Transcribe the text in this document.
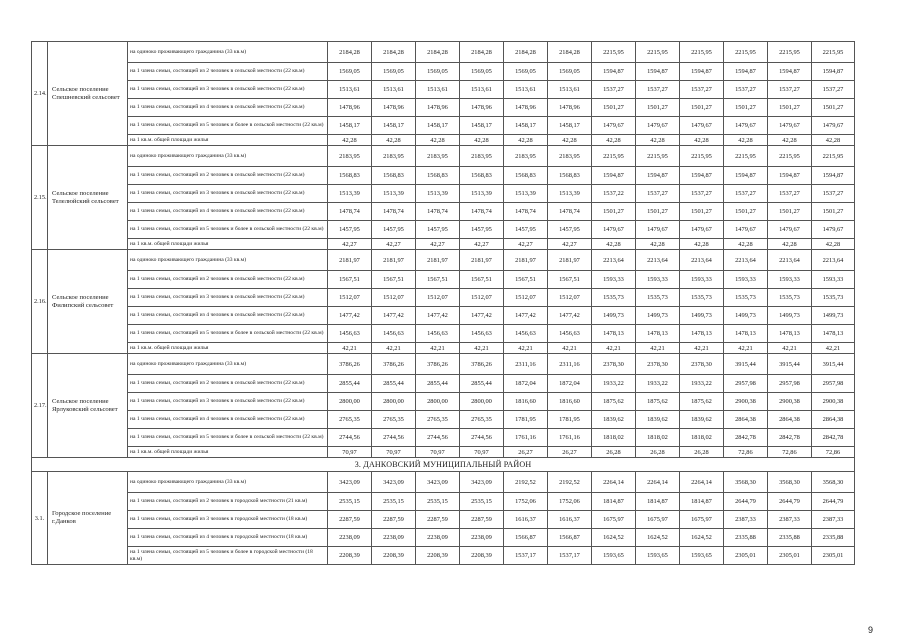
2.14.	Сельское поселение Спешневский сельсовет	на одиноко проживающего гражданина (33 кв.м)	2184,28	2184,28	2184,28	2184,28	2184,28	2184,28	2215,95	2215,95	2215,95	2215,95	2215,95	2215,95
		на 1 члена семьи, состоящей из 2 человек в сельской местности (22 кв.м)	1569,05	1569,05	1569,05	1569,05	1569,05	1569,05	1594,87	1594,87	1594,87	1594,87	1594,87	1594,87
		на 1 члена семьи, состоящей из 3 человек в сельской местности (22 кв.м)	1513,61	1513,61	1513,61	1513,61	1513,61	1513,61	1537,27	1537,27	1537,27	1537,27	1537,27	1537,27
		на 1 члена семьи, состоящей из 4 человек в сельской местности (22 кв.м)	1478,96	1478,96	1478,96	1478,96	1478,96	1478,96	1501,27	1501,27	1501,27	1501,27	1501,27	1501,27
		на 1 члена семьи, состоящей из 5 человек и более в сельской местности (22 кв.м)	1458,17	1458,17	1458,17	1458,17	1458,17	1458,17	1479,67	1479,67	1479,67	1479,67	1479,67	1479,67
		на 1 кв.м. общей площади жилья	42,28	42,28	42,28	42,28	42,28	42,28	42,28	42,28	42,28	42,28	42,28	42,28
2.15.	Сельское поселение Teлeлюйский сельсовет	на одиноко проживающего гражданина (33 кв.м)	2183,95	2183,95	2183,95	2183,95	2183,95	2183,95	2215,95	2215,95	2215,95	2215,95	2215,95	2215,95
		на 1 члена семьи, состоящей из 2 человек в сельской местности (22 кв.м)	1568,83	1568,83	1568,83	1568,83	1568,83	1568,83	1594,87	1594,87	1594,87	1594,87	1594,87	1594,87
		на 1 члена семьи, состоящей из 3 человек в сельской местности (22 кв.м)	1513,39	1513,39	1513,39	1513,39	1513,39	1513,39	1537,22	1537,27	1537,27	1537,27	1537,27	1537,27
		на 1 члена семьи, состоящей из 4 человек в сельской местности (22 кв.м)	1478,74	1478,74	1478,74	1478,74	1478,74	1478,74	1501,27	1501,27	1501,27	1501,27	1501,27	1501,27
		на 1 члена семьи, состоящей из 5 человек и более в сельской местности (22 кв.м)	1457,95	1457,95	1457,95	1457,95	1457,95	1457,95	1479,67	1479,67	1479,67	1479,67	1479,67	1479,67
		на 1 кв.м. общей площади жилья	42,27	42,27	42,27	42,27	42,27	42,27	42,28	42,28	42,28	42,28	42,28	42,28
2.16.	Сельское поселение Филипский сельсовет	на одиноко проживающего гражданина (33 кв.м)	2181,97	2181,97	2181,97	2181,97	2181,97	2181,97	2213,64	2213,64	2213,64	2213,64	2213,64	2213,64
		на 1 члена семьи, состоящей из 2 человек в сельской местности (22 кв.м)	1567,51	1567,51	1567,51	1567,51	1567,51	1567,51	1593,33	1593,33	1593,33	1593,33	1593,33	1593,33
		на 1 члена семьи, состоящей из 3 человек в сельской местности (22 кв.м)	1512,07	1512,07	1512,07	1512,07	1512,07	1512,07	1535,73	1535,73	1535,73	1535,73	1535,73	1535,73
		на 1 члена семьи, состоящей из 4 человек в сельской местности (22 кв.м)	1477,42	1477,42	1477,42	1477,42	1477,42	1477,42	1499,73	1499,73	1499,73	1499,73	1499,73	1499,73
		на 1 члена семьи, состоящей из 5 человек и более в сельской местности (22 кв.м)	1456,63	1456,63	1456,63	1456,63	1456,63	1456,63	1478,13	1478,13	1478,13	1478,13	1478,13	1478,13
		на 1 кв.м. общей площади жилья	42,21	42,21	42,21	42,21	42,21	42,21	42,21	42,21	42,21	42,21	42,21	42,21
2.17.	Сельское поселение Ярлуковский сельсовет	на одиноко проживающего гражданина (33 кв.м)	3786,26	3786,26	3786,26	3786,26	2311,16	2311,16	2378,30	2378,30	2378,30	3915,44	3915,44	3915,44
		на 1 члена семьи, состоящей из 2 человек в сельской местности (22 кв.м)	2855,44	2855,44	2855,44	2855,44	1872,04	1872,04	1933,22	1933,22	1933,22	2957,98	2957,98	2957,98
		на 1 члена семьи, состоящей из 3 человек в сельской местности (22 кв.м)	2800,00	2800,00	2800,00	2800,00	1816,60	1816,60	1875,62	1875,62	1875,62	2900,38	2900,38	2900,38
		на 1 члена семьи, состоящей из 4 человек в сельской местности (22 кв.м)	2765,35	2765,35	2765,35	2765,35	1781,95	1781,95	1839,62	1839,62	1839,62	2864,38	2864,38	2864,38
		на 1 члена семьи, состоящей из 5 человек и более в сельской местности (22 кв.м)	2744,56	2744,56	2744,56	2744,56	1761,16	1761,16	1818,02	1818,02	1818,02	2842,78	2842,78	2842,78
		на 1 кв.м. общей площади жилья	70,97	70,97	70,97	70,97	26,27	26,27	26,28	26,28	26,28	72,86	72,86	72,86
3. ДАНКОВСКИЙ МУНИЦИПАЛЬНЫЙ РАЙОН														
3.1.	Городское поселение г.Данков	на одиноко проживающего гражданина (33 кв.м)	3423,09	3423,09	3423,09	3423,09	2192,52	2192,52	2264,14	2264,14	2264,14	3568,30	3568,30	3568,30
		на 1 члена семьи, состоящей из 2 человек в городской местности (21 кв.м)	2535,15	2535,15	2535,15	2535,15	1752,06	1752,06	1814,87	1814,87	1814,87	2644,79	2644,79	2644,79
		на 1 члена семьи, состоящей из 3 человек в городской местности (18 кв.м)	2287,59	2287,59	2287,59	2287,59	1616,37	1616,37	1675,97	1675,97	1675,97	2387,33	2387,33	2387,33
		на 1 члена семьи, состоящей из 4 человек в городской местности (18 кв.м)	2238,09	2238,09	2238,09	2238,09	1566,87	1566,87	1624,52	1624,52	1624,52	2335,88	2335,88	2335,88
		на 1 члена семьи, состоящей из 5 человек и более в городской местности (18 кв.м)	2208,39	2208,39	2208,39	2208,39	1537,17	1537,17	1593,65	1593,65	1593,65	2305,01	2305,01	2305,01
9
